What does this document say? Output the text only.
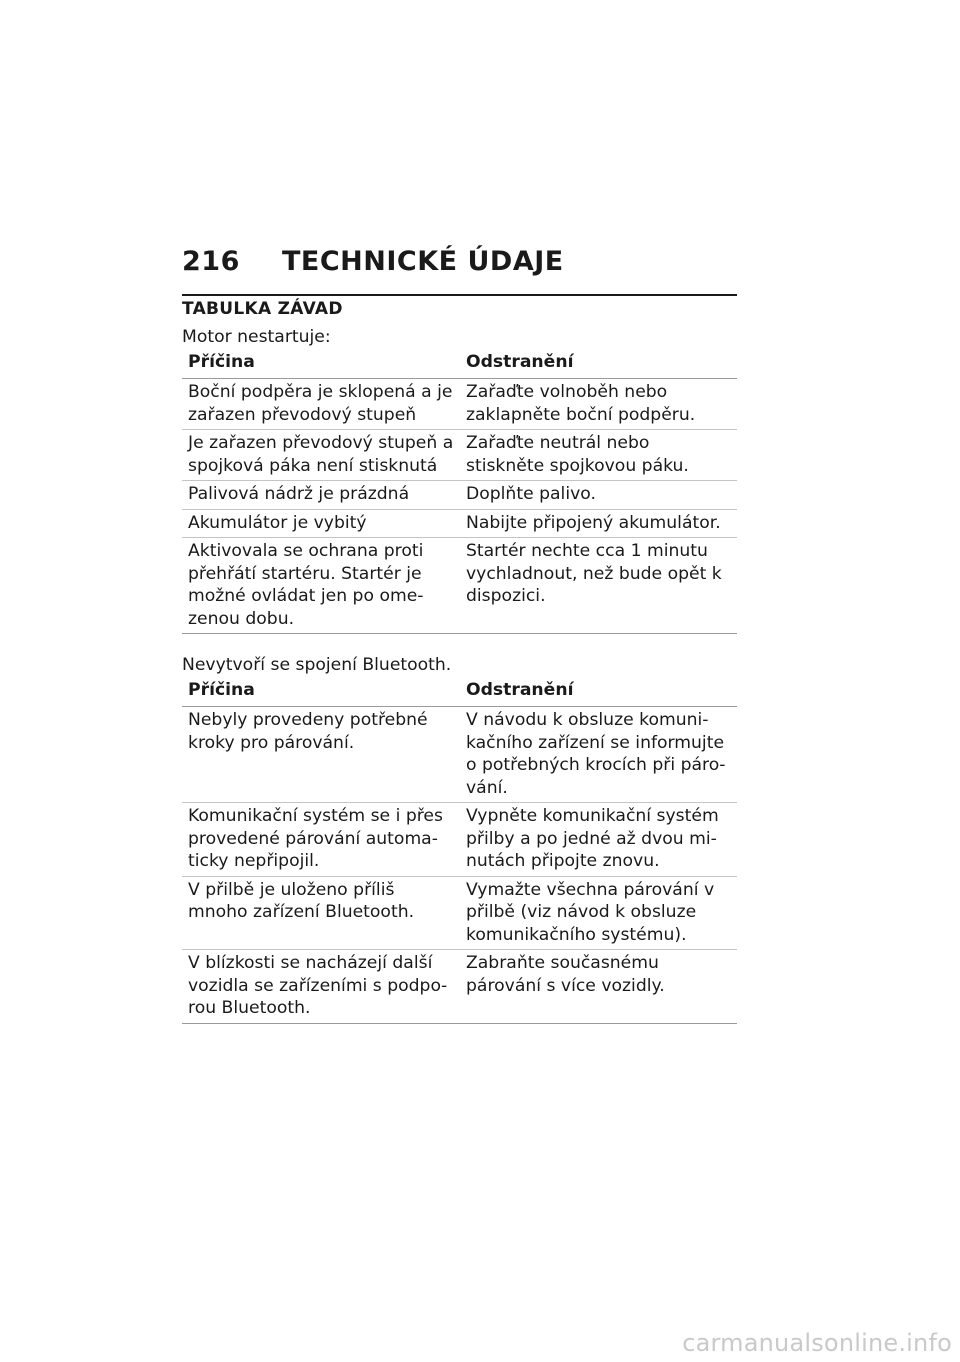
216	TECHNICKÉ ÚDAJE
TABULKA ZÁVAD

Motor nestartuje:

Příčina	Odstranění
Boční podpěra je sklopená a je zařazen převodový stupeň	Zařaďte volnoběh nebo zaklapněte boční podpěru.
Je zařazen převodový stupeň a spojková páka není stisknutá	Zařaďte neutrál nebo stiskněte spojkovou páku.
Palivová nádrž je prázdná	Doplňte palivo.
Akumulátor je vybitý	Nabijte připojený akumulátor.
Aktivovala se ochrana proti přehřátí startéru. Startér je možné ovládat jen po omezenou dobu.	Startér nechte cca 1 minutu vychladnout, než bude opět k dispozici.

Nevytvoří se spojení Bluetooth.

Příčina	Odstranění
Nebyly provedeny potřebné kroky pro párování.	V návodu k obsluze komunikačního zařízení se informujte o potřebných krocích při párování.
Komunikační systém se i přes provedené párování automaticky nepřipojil.	Vypněte komunikační systém přilby a po jedné až dvou minutách připojte znovu.
V přilbě je uloženo příliš mnoho zařízení Bluetooth.	Vymažte všechna párování v přilbě (viz návod k obsluze komunikačního systému).
V blízkosti se nacházejí další vozidla se zařízeními s podporou Bluetooth.	Zabraňte současnému párování s více vozidly.
carmanualsonline.info
